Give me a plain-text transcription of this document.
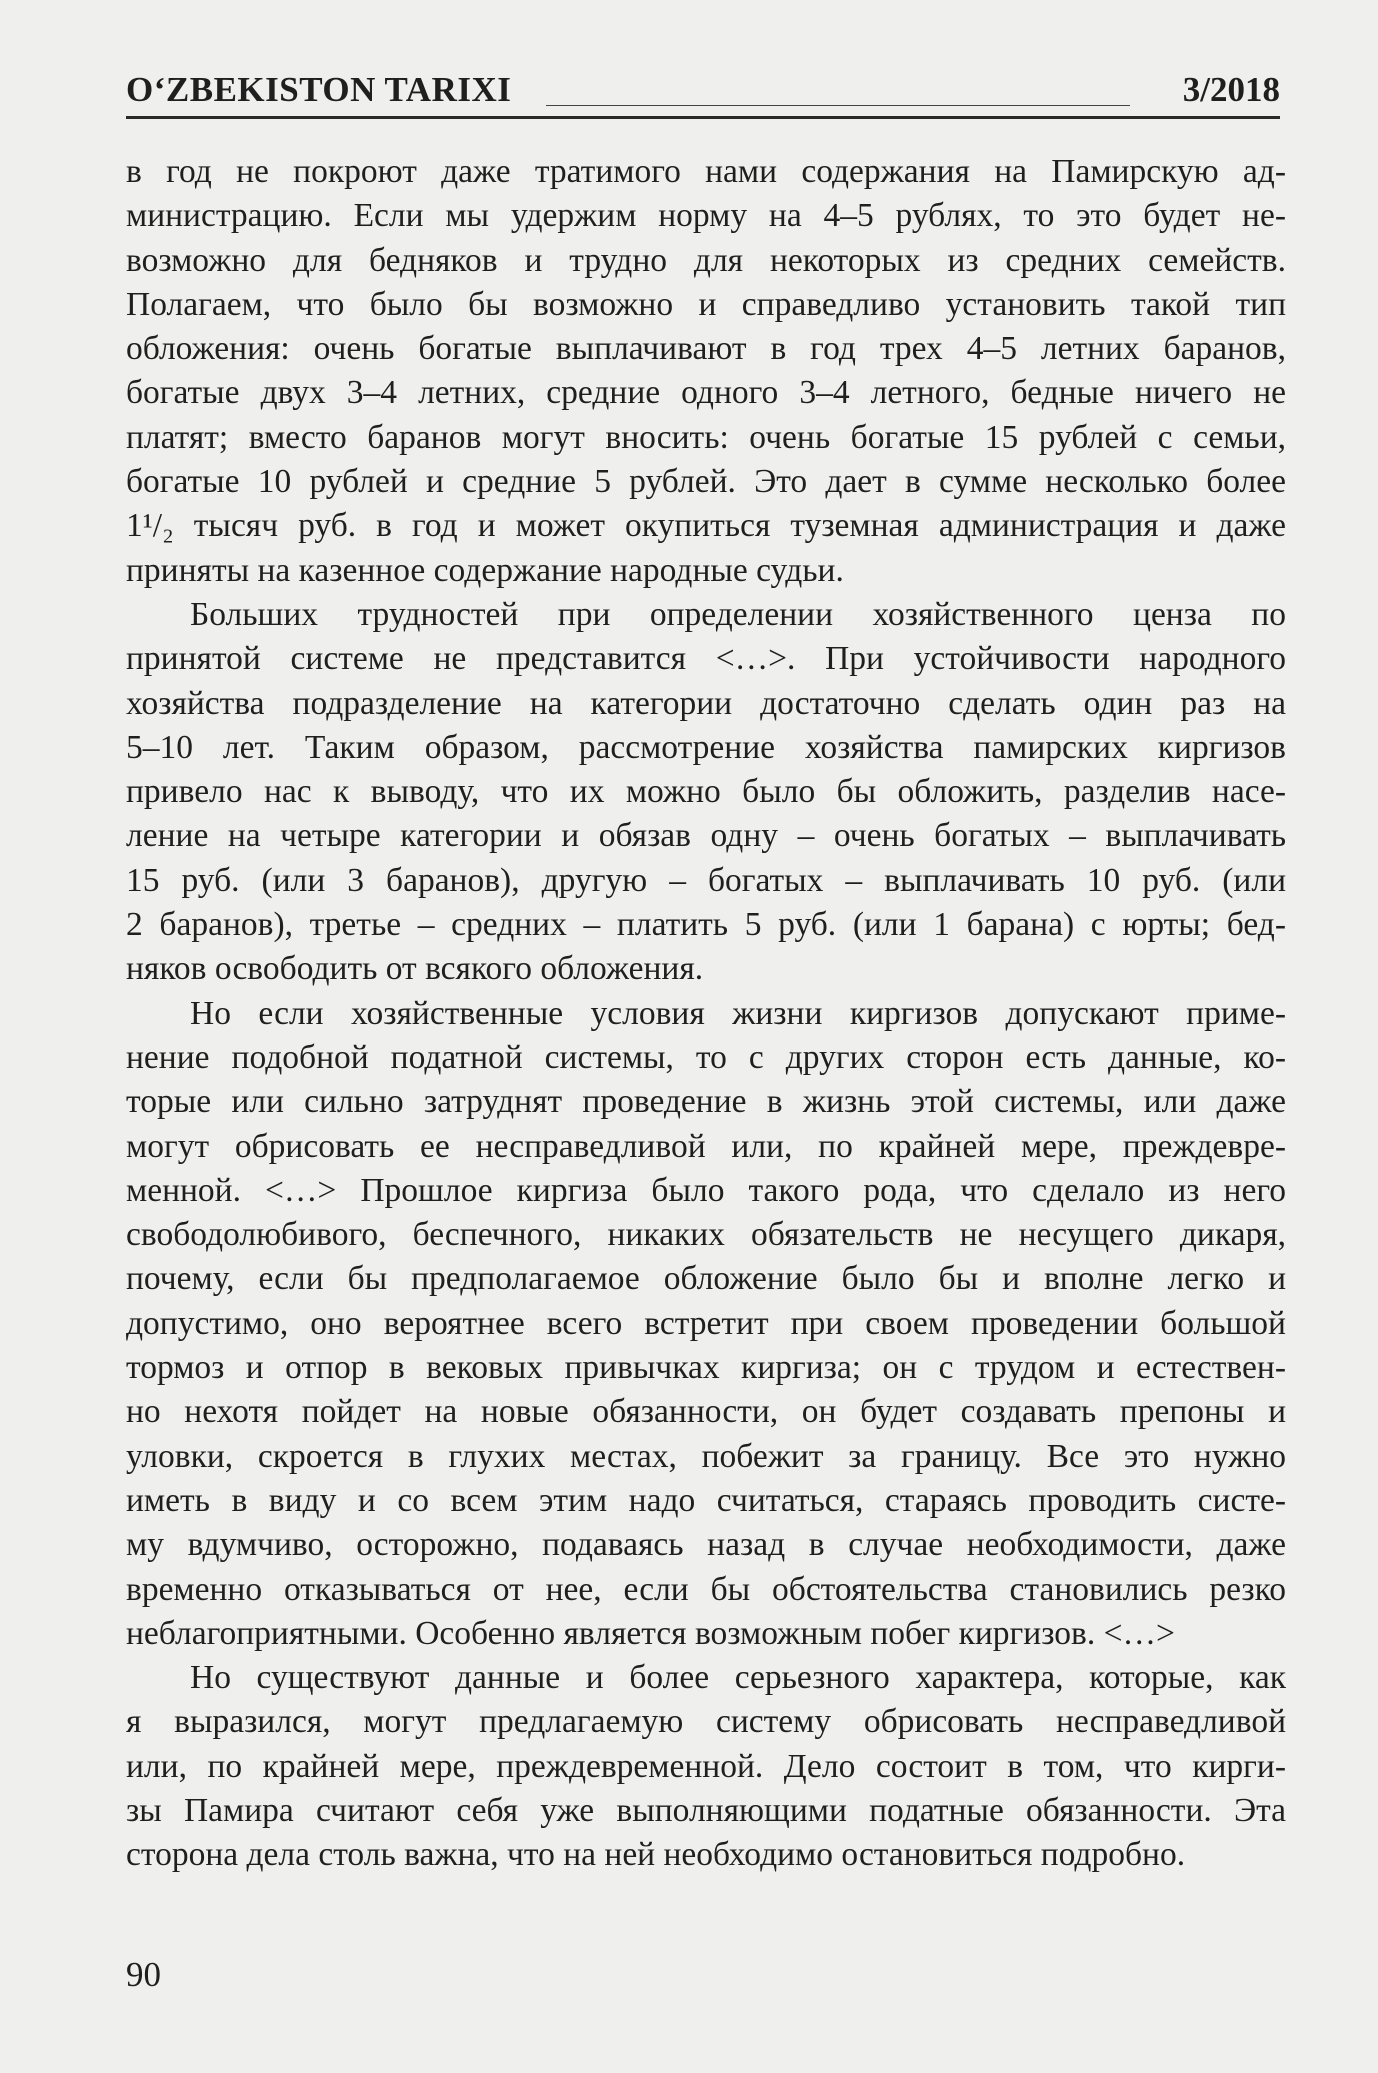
O‘ZBEKISTON TARIXI	3/2018
в год не покроют даже тратимого нами содержания на Памирскую ад-
министрацию. Если мы удержим норму на 4–5 рублях, то это будет не-
возможно для бедняков и трудно для некоторых из средних семейств.
Полагаем, что было бы возможно и справедливо установить такой тип
обложения: очень богатые выплачивают в год трех 4–5 летних баранов,
богатые двух 3–4 летних, средние одного 3–4 летного, бедные ничего не
платят; вместо баранов могут вносить: очень богатые 15 рублей с семьи,
богатые 10 рублей и средние 5 рублей. Это дает в сумме несколько более
1¹/₂ тысяч руб. в год и может окупиться туземная администрация и даже
приняты на казенное содержание народные судьи.
Больших трудностей при определении хозяйственного ценза по
принятой системе не представится <…>. При устойчивости народного
хозяйства подразделение на категории достаточно сделать один раз на
5–10 лет. Таким образом, рассмотрение хозяйства памирских киргизов
привело нас к выводу, что их можно было бы обложить, разделив насе-
ление на четыре категории и обязав одну – очень богатых – выплачивать
15 руб. (или 3 баранов), другую – богатых – выплачивать 10 руб. (или
2 баранов), третье – средних – платить 5 руб. (или 1 барана) с юрты; бед-
няков освободить от всякого обложения.
Но если хозяйственные условия жизни киргизов допускают приме-
нение подобной податной системы, то с других сторон есть данные, ко-
торые или сильно затруднят проведение в жизнь этой системы, или даже
могут обрисовать ее несправедливой или, по крайней мере, преждевре-
менной. <…> Прошлое киргиза было такого рода, что сделало из него
свободолюбивого, беспечного, никаких обязательств не несущего дикаря,
почему, если бы предполагаемое обложение было бы и вполне легко и
допустимо, оно вероятнее всего встретит при своем проведении большой
тормоз и отпор в вековых привычках киргиза; он с трудом и естествен-
но нехотя пойдет на новые обязанности, он будет создавать препоны и
уловки, скроется в глухих местах, побежит за границу. Все это нужно
иметь в виду и со всем этим надо считаться, стараясь проводить систе-
му вдумчиво, осторожно, подаваясь назад в случае необходимости, даже
временно отказываться от нее, если бы обстоятельства становились резко
неблагоприятными. Особенно является возможным побег киргизов. <…>
Но существуют данные и более серьезного характера, которые, как
я выразился, могут предлагаемую систему обрисовать несправедливой
или, по крайней мере, преждевременной. Дело состоит в том, что кирги-
зы Памира считают себя уже выполняющими податные обязанности. Эта
сторона дела столь важна, что на ней необходимо остановиться подробно.
90
